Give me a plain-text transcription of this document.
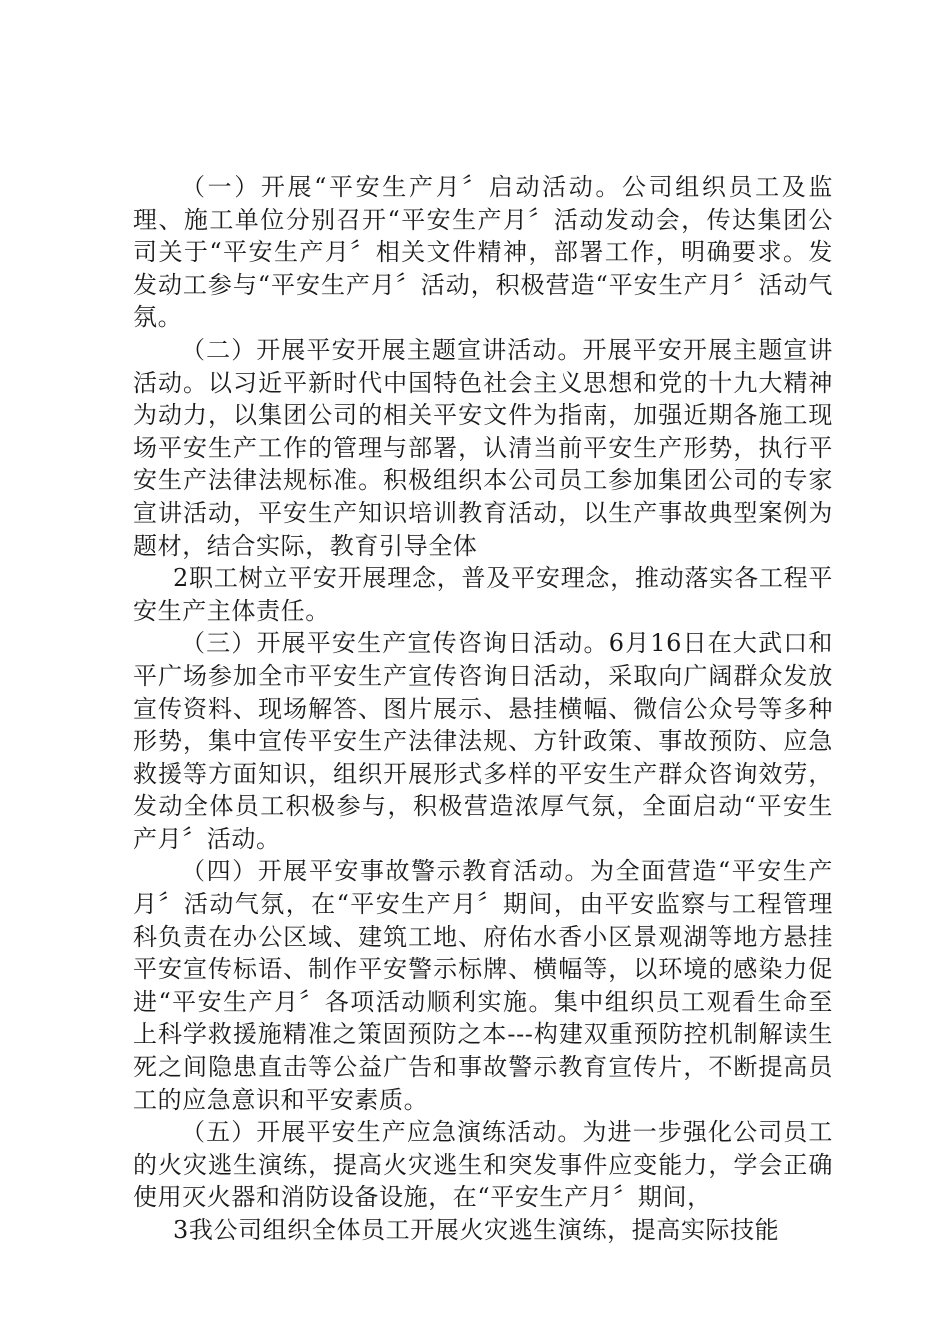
（一）开展“平安生产月〞启动活动。公司组织员工及监理、施工单位分别召开“平安生产月〞活动发动会，传达集团公司关于“平安生产月〞相关文件精神，部署工作，明确要求。发发动工参与“平安生产月〞活动，积极营造“平安生产月〞活动气氛。

（二）开展平安开展主题宣讲活动。开展平安开展主题宣讲活动。以习近平新时代中国特色社会主义思想和党的十九大精神为动力，以集团公司的相关平安文件为指南，加强近期各施工现场平安生产工作的管理与部署，认清当前平安生产形势，执行平安生产法律法规标准。积极组织本公司员工参加集团公司的专家宣讲活动，平安生产知识培训教育活动，以生产事故典型案例为题材，结合实际，教育引导全体

2职工树立平安开展理念，普及平安理念，推动落实各工程平安生产主体责任。

（三）开展平安生产宣传咨询日活动。6月16日在大武口和平广场参加全市平安生产宣传咨询日活动，采取向广阔群众发放宣传资料、现场解答、图片展示、悬挂横幅、微信公众号等多种形势，集中宣传平安生产法律法规、方针政策、事故预防、应急救援等方面知识，组织开展形式多样的平安生产群众咨询效劳，发动全体员工积极参与，积极营造浓厚气氛，全面启动“平安生产月〞活动。

（四）开展平安事故警示教育活动。为全面营造“平安生产月〞活动气氛，在“平安生产月〞期间，由平安监察与工程管理科负责在办公区域、建筑工地、府佑水香小区景观湖等地方悬挂平安宣传标语、制作平安警示标牌、横幅等，以环境的感染力促进“平安生产月〞各项活动顺利实施。集中组织员工观看生命至上科学救援施精准之策固预防之本---构建双重预防控机制解读生死之间隐患直击等公益广告和事故警示教育宣传片，不断提高员工的应急意识和平安素质。

（五）开展平安生产应急演练活动。为进一步强化公司员工的火灾逃生演练，提高火灾逃生和突发事件应变能力，学会正确使用灭火器和消防设备设施，在“平安生产月〞期间，

3我公司组织全体员工开展火灾逃生演练，提高实际技能
